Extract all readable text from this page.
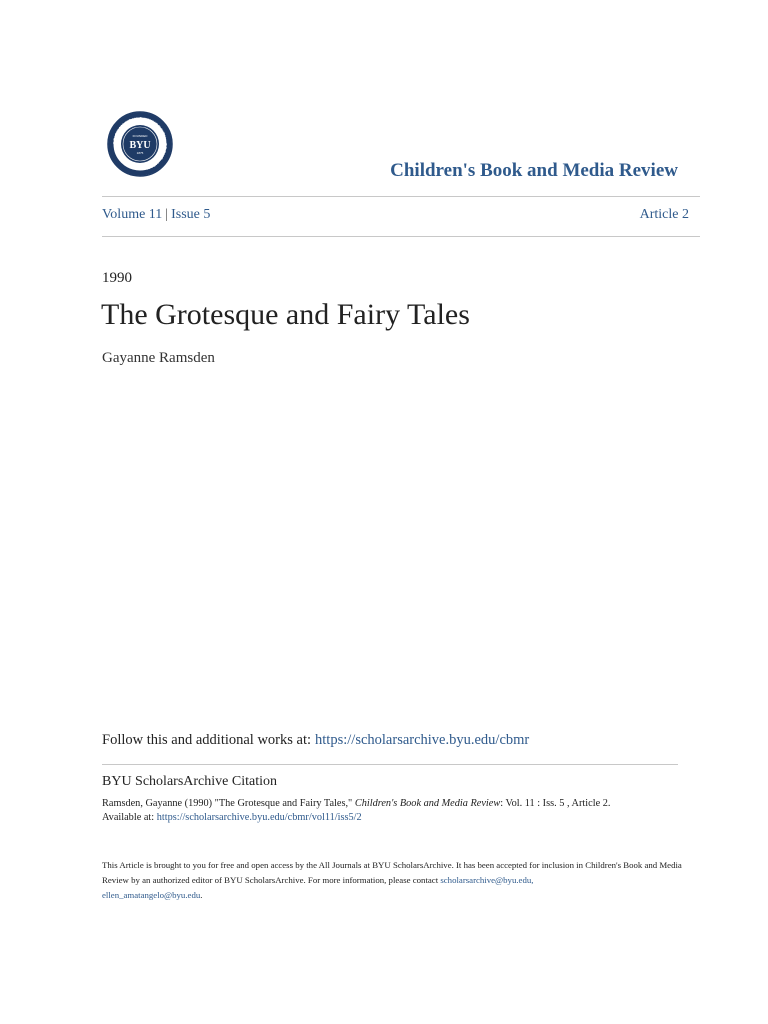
BRIGHAM YOUNG UNIVERSITY · PROVO, UTAH ·
FOUNDED
BYU
1875
Children's Book and Media Review
Volume 11 | Issue 5	Article 2
1990
The Grotesque and Fairy Tales
Gayanne Ramsden
Follow this and additional works at: https://scholarsarchive.byu.edu/cbmr
BYU ScholarsArchive Citation
Ramsden, Gayanne (1990) "The Grotesque and Fairy Tales," Children's Book and Media Review: Vol. 11 : Iss. 5 , Article 2.
Available at: https://scholarsarchive.byu.edu/cbmr/vol11/iss5/2
This Article is brought to you for free and open access by the All Journals at BYU ScholarsArchive. It has been accepted for inclusion in Children's Book and Media Review by an authorized editor of BYU ScholarsArchive. For more information, please contact scholarsarchive@byu.edu,
ellen_amatangelo@byu.edu.
